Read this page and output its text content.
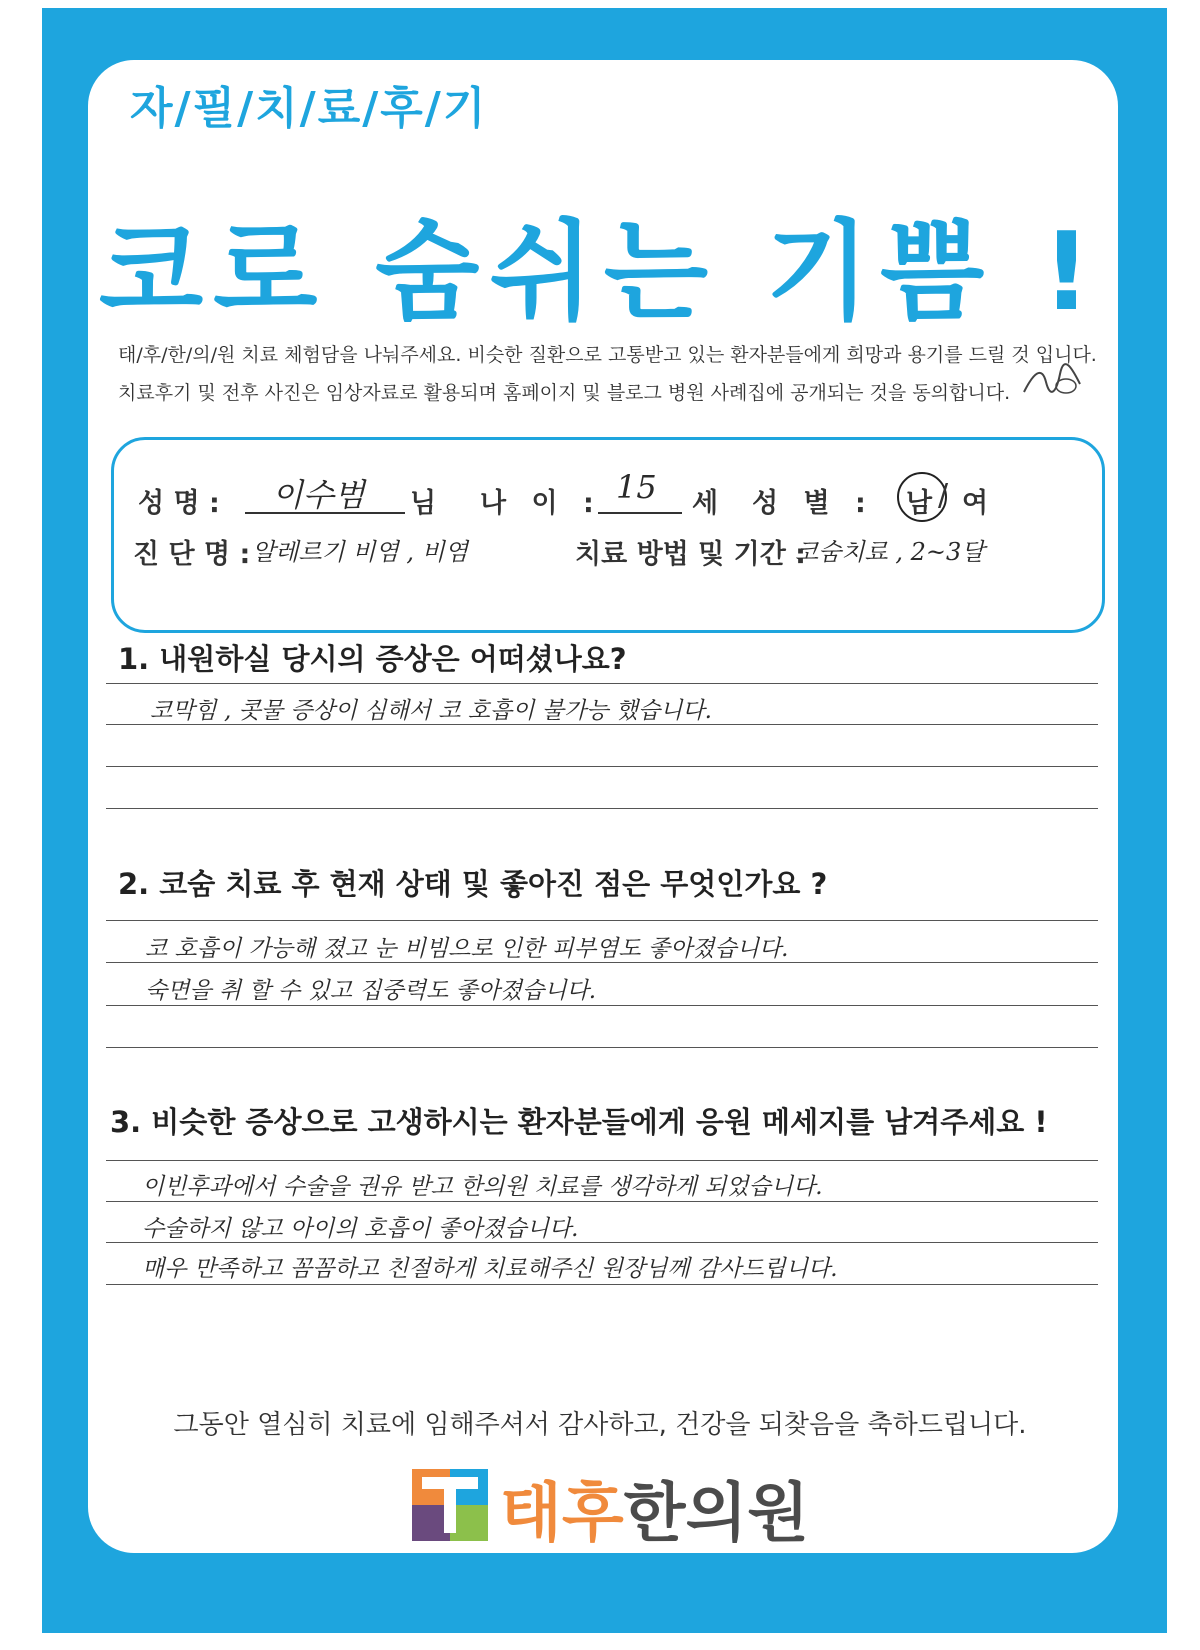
자/필/치/료/후/기
코로 숨쉬는 기쁨 !
태/후/한/의/원 치료 체험담을 나눠주세요. 비슷한 질환으로 고통받고 있는 환자분들에게 희망과 용기를 드릴 것 입니다.
치료후기 및 전후 사진은 임상자료로 활용되며 홈페이지 및 블로그 병원 사례집에 공개되는 것을 동의합니다.
성 명 : 이수범 님 나 이 : 15 세 성 별 : 남 / 여
진 단 명 : 알레르기 비염 , 비염	치료 방법 및 기간 :
코숨치료 , 2~3달
1. 내원하실 당시의 증상은 어떠셨나요?
코막힘 , 콧물 증상이 심해서 코 호흡이 불가능 했습니다.
2. 코숨 치료 후 현재 상태 및 좋아진 점은 무엇인가요 ?
코 호흡이 가능해 졌고 눈 비빔으로 인한 피부염도 좋아졌습니다.
숙면을 취 할 수 있고 집중력도 좋아졌습니다.
3. 비슷한 증상으로 고생하시는 환자분들에게 응원 메세지를 남겨주세요 !
이빈후과에서 수술을 권유 받고 한의원 치료를 생각하게 되었습니다.
수술하지 않고 아이의 호흡이 좋아졌습니다.
매우 만족하고 꼼꼼하고 친절하게 치료해주신 원장님께 감사드립니다.
그동안 열심히 치료에 임해주셔서 감사하고, 건강을 되찾음을 축하드립니다.
T 태후한의원
